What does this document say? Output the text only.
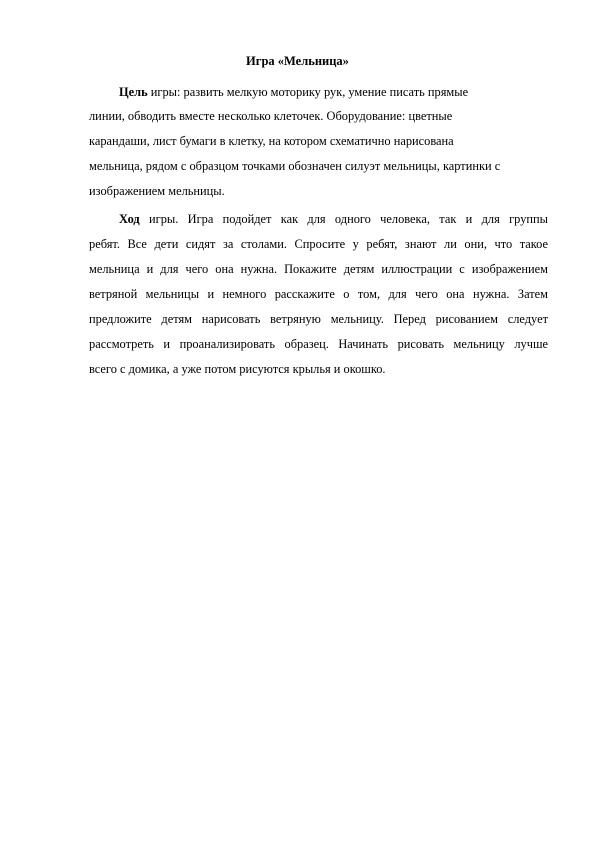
Игра «Мельница»
Цель игры: развить мелкую моторику рук, умение писать прямые
линии, обводить вместе несколько клеточек. Оборудование: цветные
карандаши, лист бумаги в клетку, на котором схематично нарисована
мельница, рядом с образцом точками обозначен силуэт мельницы, картинки с
изображением мельницы.
Ход игры. Игра подойдет как для одного человека, так и для группы
ребят. Все дети сидят за столами. Спросите у ребят, знают ли они, что такое
мельница и для чего она нужна. Покажите детям иллюстрации с изображением
ветряной мельницы и немного расскажите о том, для чего она нужна. Затем
предложите детям нарисовать ветряную мельницу. Перед рисованием следует
рассмотреть и проанализировать образец. Начинать рисовать мельницу лучше
всего с домика, а уже потом рисуются крылья и окошко.
